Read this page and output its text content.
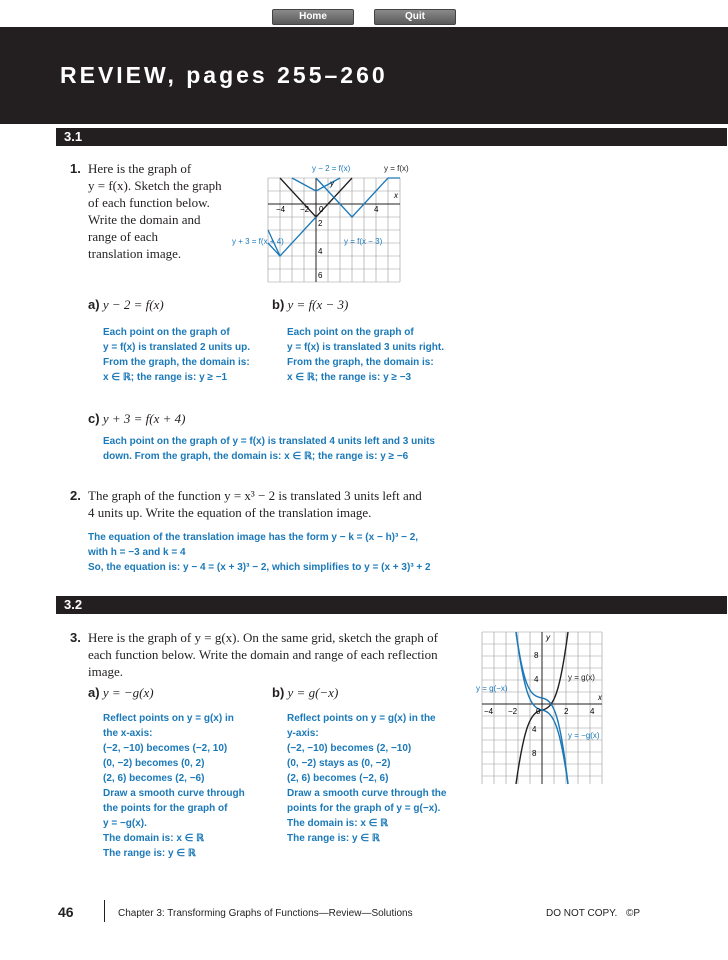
Home	Quit
REVIEW, pages 255–260
3.1
1. Here is the graph of
y = f(x). Sketch the graph
of each function below.
Write the domain and
range of each
translation image.
y − 2 = f(x)	y = f(x)
y + 3 = f(x + 4)	y = f(x − 3)
y
x
−4 −2 0	4
2
4
6
a) y − 2 = f(x)	b) y = f(x − 3)
Each point on the graph of
y = f(x) is translated 2 units up.
From the graph, the domain is:
x ∈ ℝ; the range is: y ≥ −1
Each point on the graph of
y = f(x) is translated 3 units right.
From the graph, the domain is:
x ∈ ℝ; the range is: y ≥ −3
c) y + 3 = f(x + 4)
Each point on the graph of y = f(x) is translated 4 units left and 3 units
down. From the graph, the domain is: x ∈ ℝ; the range is: y ≥ −6
2. The graph of the function y = x³ − 2 is translated 3 units left and
4 units up. Write the equation of the translation image.
The equation of the translation image has the form y − k = (x − h)³ − 2,
with h = −3 and k = 4
So, the equation is: y − 4 = (x + 3)³ − 2, which simplifies to y = (x + 3)³ + 2
3.2
3. Here is the graph of y = g(x). On the same grid, sketch the graph of
each function below. Write the domain and range of each reflection
image.
y
x
y = g(x)
y = g(−x)
y = −g(x)
−4 −2 0	2	4
8
4
4
8
a) y = −g(x)	b) y = g(−x)
Reflect points on y = g(x) in
the x-axis:
(−2, −10) becomes (−2, 10)
(0, −2) becomes (0, 2)
(2, 6) becomes (2, −6)
Draw a smooth curve through
the points for the graph of
y = −g(x).
The domain is: x ∈ ℝ
The range is: y ∈ ℝ
Reflect points on y = g(x) in the
y-axis:
(−2, −10) becomes (2, −10)
(0, −2) stays as (0, −2)
(2, 6) becomes (−2, 6)
Draw a smooth curve through the
points for the graph of y = g(−x).
The domain is: x ∈ ℝ
The range is: y ∈ ℝ
46	Chapter 3: Transforming Graphs of Functions—Review—Solutions	DO NOT COPY. ©P
